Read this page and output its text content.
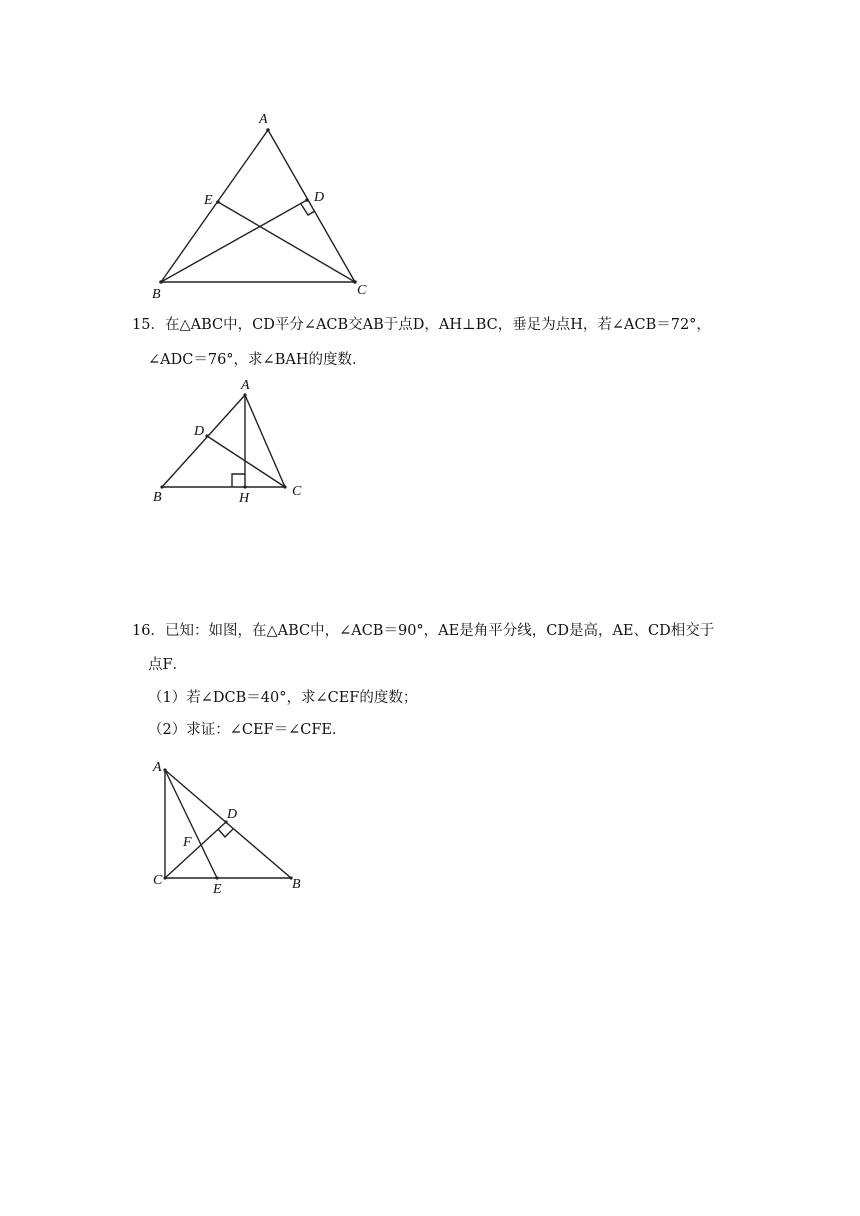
A
B	C
D
E
15．在△ABC中，CD平分∠ACB交AB于点D，AH⊥BC，垂足为点H，若∠ACB＝72°，
∠ADC＝76°，求∠BAH的度数．
A
B	C
D
H
16．已知：如图，在△ABC中，∠ACB＝90°，AE是角平分线，CD是高，AE、CD相交于
点F．
（1）若∠DCB＝40°，求∠CEF的度数；
（2）求证：∠CEF＝∠CFE．
A
C	B
E
D
F
